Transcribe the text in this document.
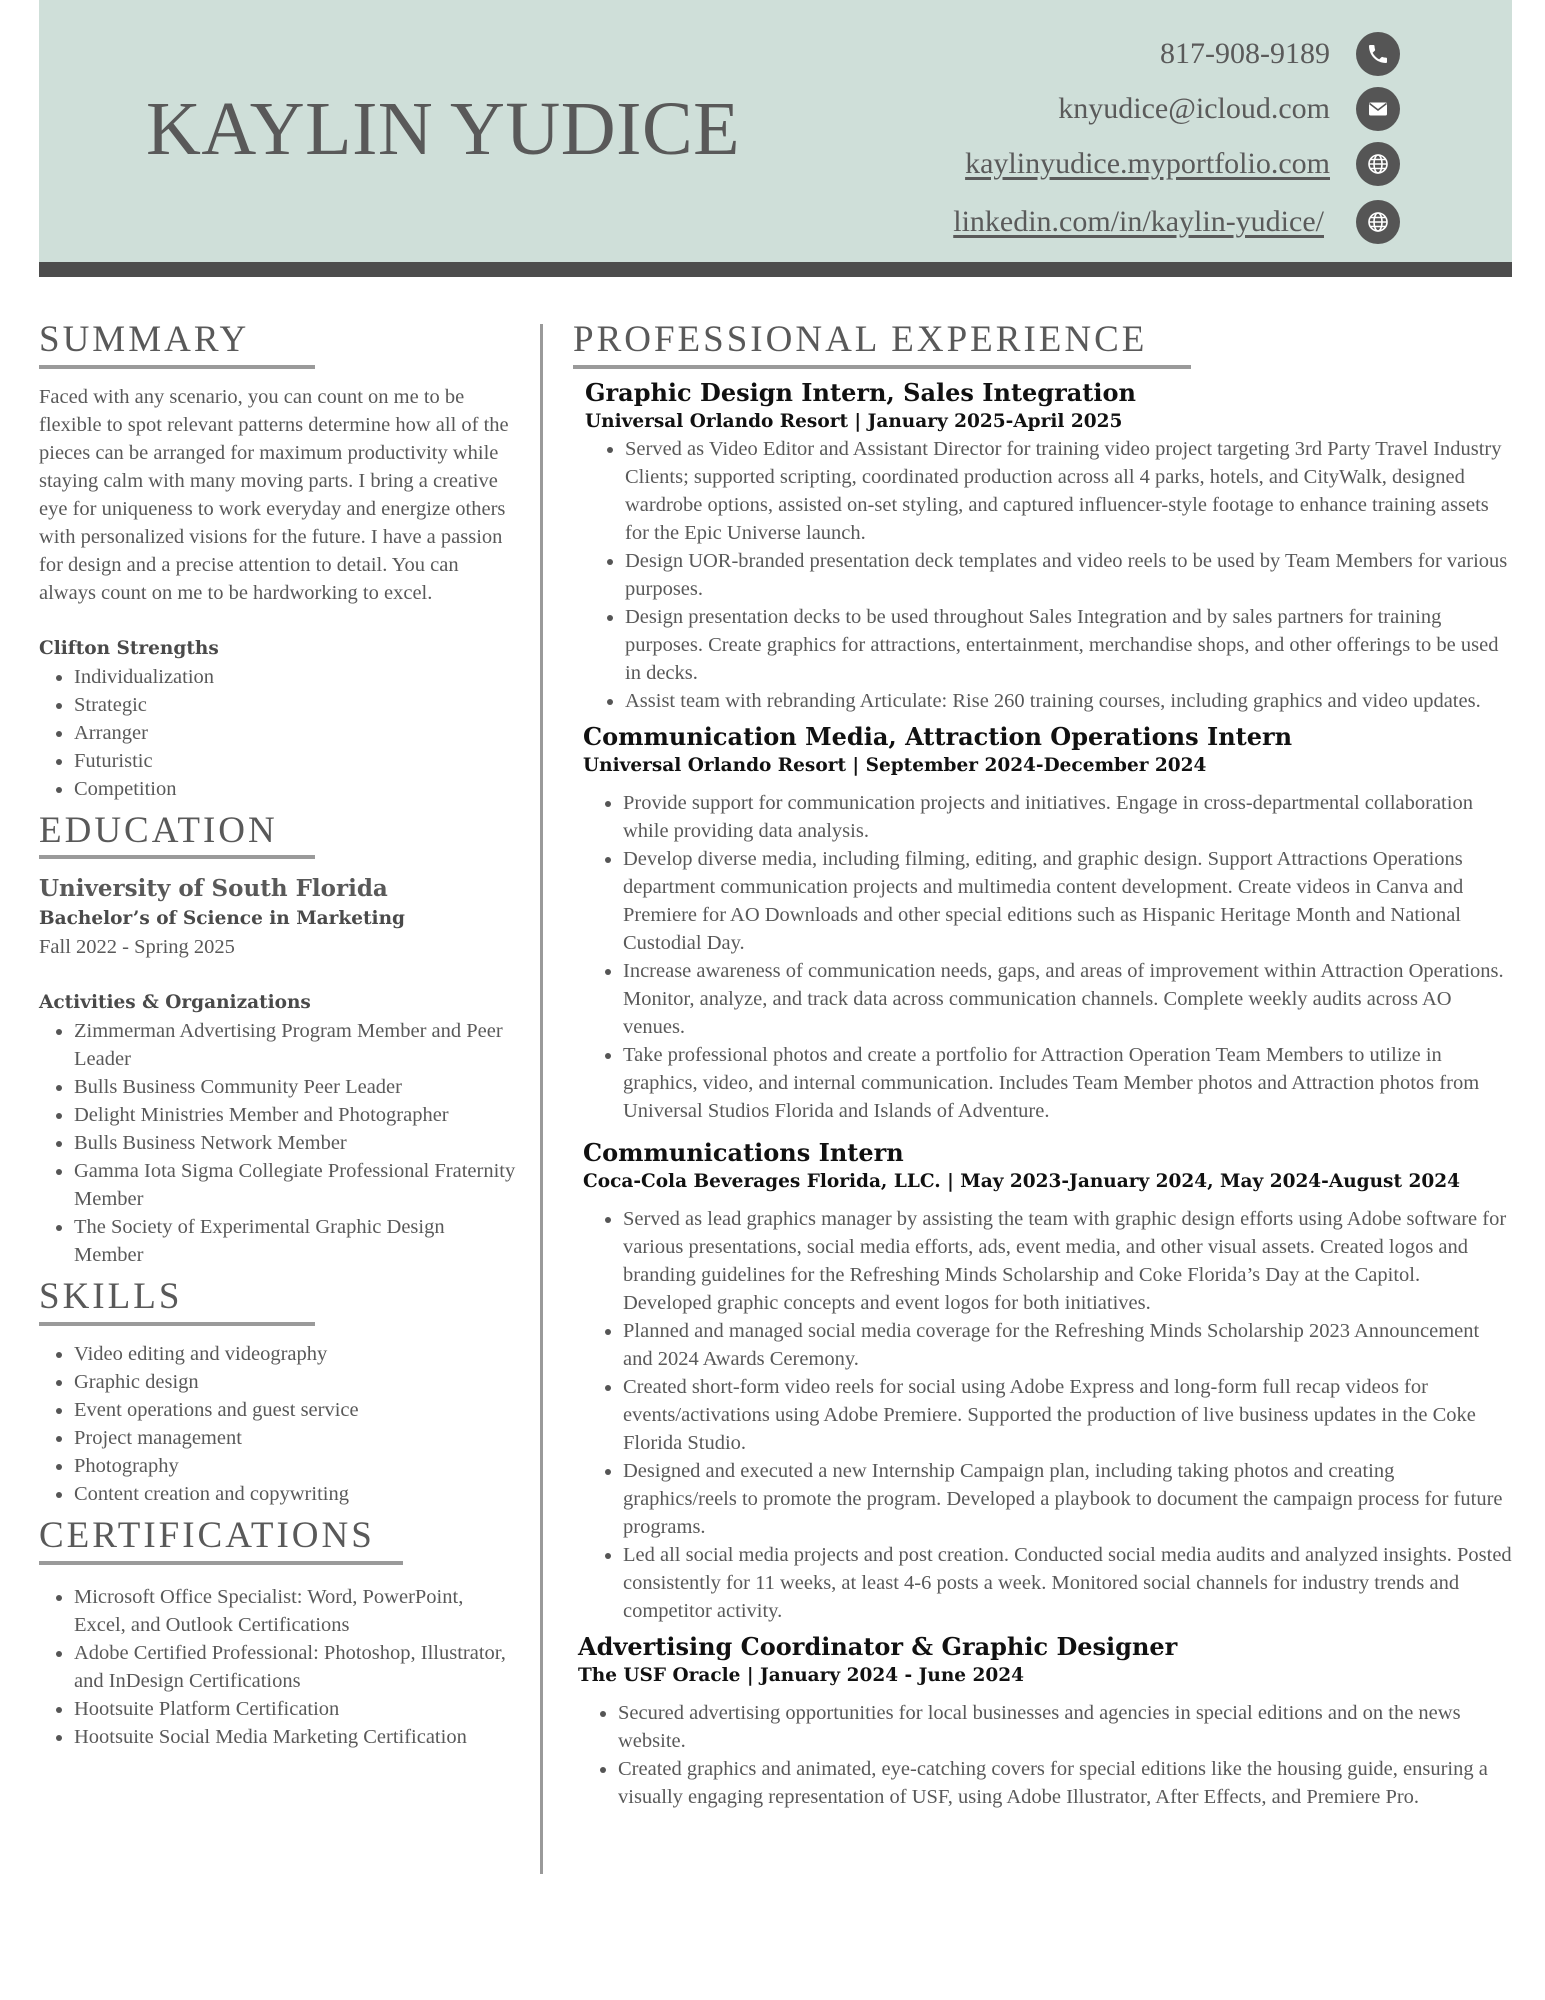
KAYLIN YUDICE
817-908-9189
knyudice@icloud.com
kaylinyudice.myportfolio.com
linkedin.com/in/kaylin-yudice/
SUMMARY

Faced with any scenario, you can count on me to be flexible to spot relevant patterns determine how all of the pieces can be arranged for maximum productivity while staying calm with many moving parts. I bring a creative eye for uniqueness to work everyday and energize others with personalized visions for the future. I have a passion for design and a precise attention to detail. You can always count on me to be hardworking to excel.

Clifton Strengths

• Individualization
• Strategic
• Arranger
• Futuristic
• Competition
EDUCATION

University of South Florida

Bachelor’s of Science in Marketing

Fall 2022 - Spring 2025

Activities & Organizations

• Zimmerman Advertising Program Member and Peer Leader
• Bulls Business Community Peer Leader
• Delight Ministries Member and Photographer
• Bulls Business Network Member
• Gamma Iota Sigma Collegiate Professional Fraternity Member
• The Society of Experimental Graphic Design Member
SKILLS
• Video editing and videography
• Graphic design
• Event operations and guest service
• Project management
• Photography
• Content creation and copywriting
CERTIFICATIONS
• Microsoft Office Specialist: Word, PowerPoint, Excel, and Outlook Certifications
• Adobe Certified Professional: Photoshop, Illustrator, and InDesign Certifications
• Hootsuite Platform Certification
• Hootsuite Social Media Marketing Certification
PROFESSIONAL EXPERIENCE

Graphic Design Intern, Sales Integration

Universal Orlando Resort | January 2025-April 2025

• Served as Video Editor and Assistant Director for training video project targeting 3rd Party Travel Industry Clients; supported scripting, coordinated production across all 4 parks, hotels, and CityWalk, designed wardrobe options, assisted on-set styling, and captured influencer-style footage to enhance training assets for the Epic Universe launch.
• Design UOR-branded presentation deck templates and video reels to be used by Team Members for various purposes.
• Design presentation decks to be used throughout Sales Integration and by sales partners for training purposes. Create graphics for attractions, entertainment, merchandise shops, and other offerings to be used in decks.
• Assist team with rebranding Articulate: Rise 260 training courses, including graphics and video updates.

Communication Media, Attraction Operations Intern

Universal Orlando Resort | September 2024-December 2024

• Provide support for communication projects and initiatives. Engage in cross-departmental collaboration while providing data analysis.
• Develop diverse media, including filming, editing, and graphic design. Support Attractions Operations department communication projects and multimedia content development. Create videos in Canva and Premiere for AO Downloads and other special editions such as Hispanic Heritage Month and National Custodial Day.
• Increase awareness of communication needs, gaps, and areas of improvement within Attraction Operations. Monitor, analyze, and track data across communication channels. Complete weekly audits across AO venues.
• Take professional photos and create a portfolio for Attraction Operation Team Members to utilize in graphics, video, and internal communication. Includes Team Member photos and Attraction photos from Universal Studios Florida and Islands of Adventure.

Communications Intern

Coca-Cola Beverages Florida, LLC. | May 2023-January 2024, May 2024-August 2024

• Served as lead graphics manager by assisting the team with graphic design efforts using Adobe software for various presentations, social media efforts, ads, event media, and other visual assets. Created logos and branding guidelines for the Refreshing Minds Scholarship and Coke Florida’s Day at the Capitol. Developed graphic concepts and event logos for both initiatives.
• Planned and managed social media coverage for the Refreshing Minds Scholarship 2023 Announcement and 2024 Awards Ceremony.
• Created short-form video reels for social using Adobe Express and long-form full recap videos for events/activations using Adobe Premiere. Supported the production of live business updates in the Coke Florida Studio.
• Designed and executed a new Internship Campaign plan, including taking photos and creating graphics/reels to promote the program. Developed a playbook to document the campaign process for future programs.
• Led all social media projects and post creation. Conducted social media audits and analyzed insights. Posted consistently for 11 weeks, at least 4-6 posts a week. Monitored social channels for industry trends and competitor activity.

Advertising Coordinator & Graphic Designer

The USF Oracle | January 2024 - June 2024

• Secured advertising opportunities for local businesses and agencies in special editions and on the news website.
• Created graphics and animated, eye-catching covers for special editions like the housing guide, ensuring a visually engaging representation of USF, using Adobe Illustrator, After Effects, and Premiere Pro.
